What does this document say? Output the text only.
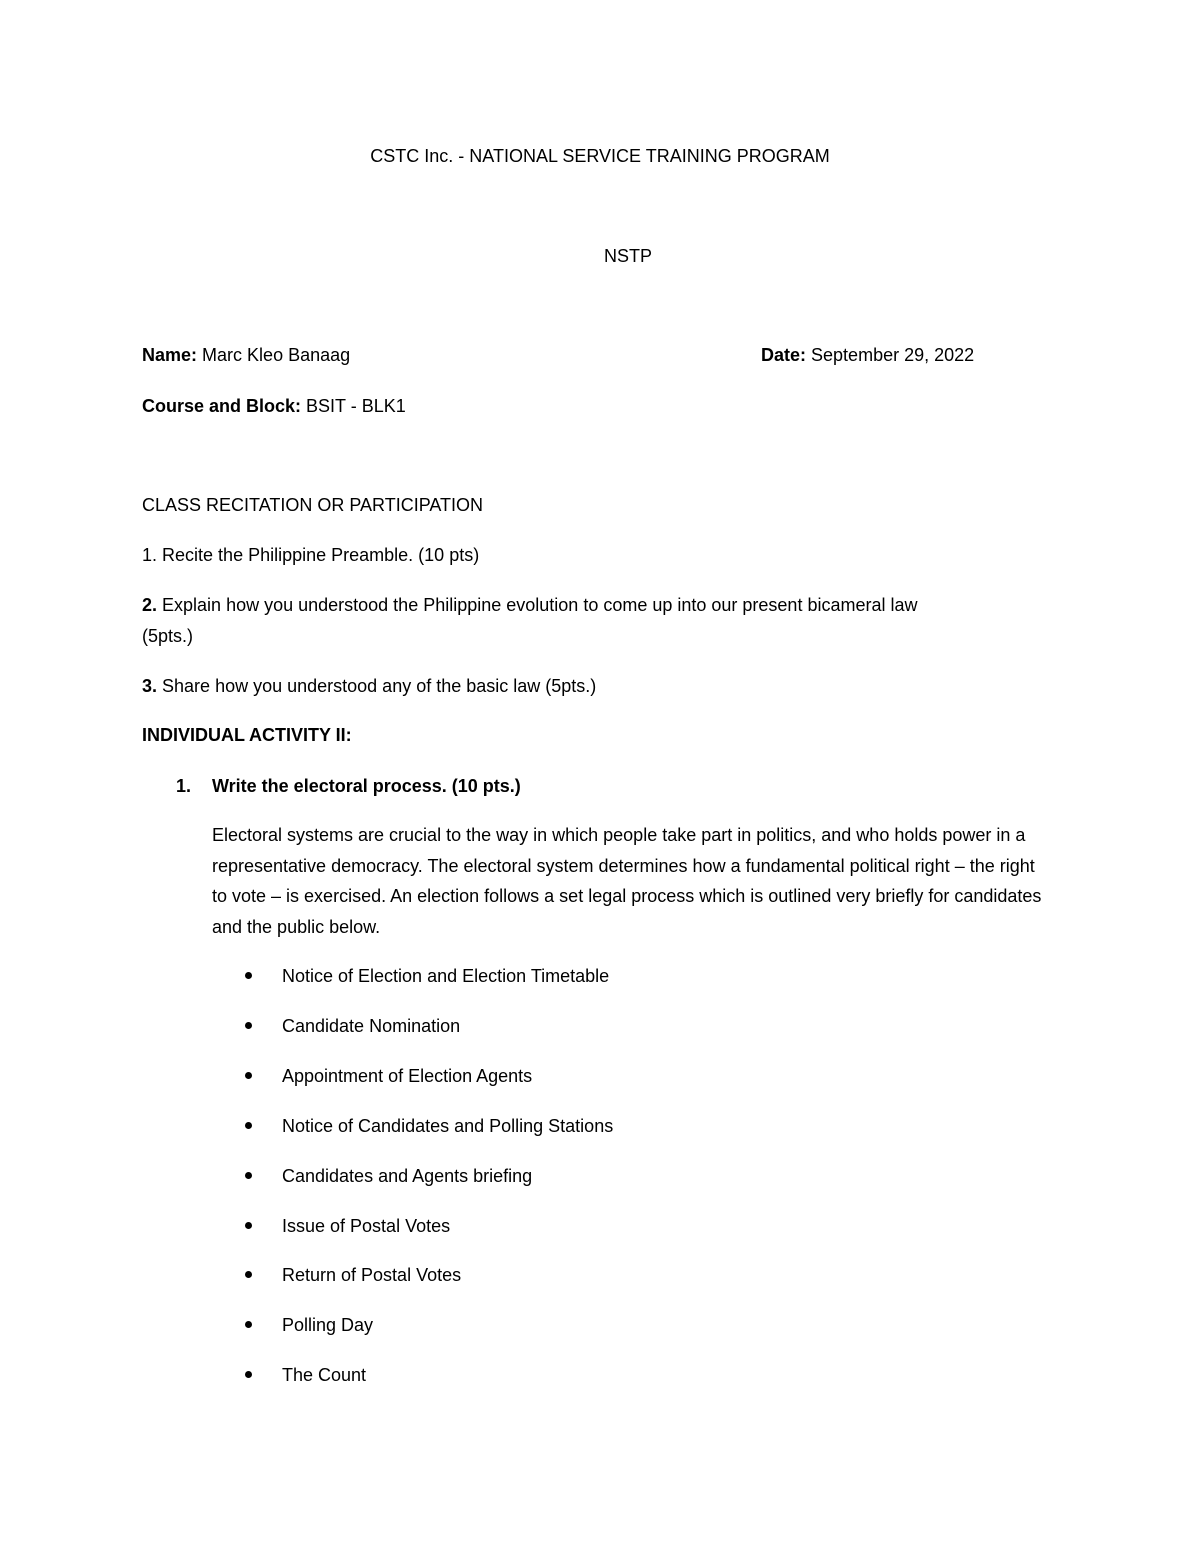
CSTC Inc. - NATIONAL SERVICE TRAINING PROGRAM
NSTP
Name: Marc Kleo Banaag	Date: September 29, 2022
Course and Block: BSIT - BLK1
CLASS RECITATION OR PARTICIPATION
1. Recite the Philippine Preamble. (10 pts)
2. Explain how you understood the Philippine evolution to come up into our present bicameral law
(5pts.)
3. Share how you understood any of the basic law (5pts.)
INDIVIDUAL ACTIVITY II:
1. Write the electoral process. (10 pts.)
Electoral systems are crucial to the way in which people take part in politics, and who holds power in a representative democracy. The electoral system determines how a fundamental political right – the right to vote – is exercised. An election follows a set legal process which is outlined very briefly for candidates and the public below.
Notice of Election and Election Timetable
Candidate Nomination
Appointment of Election Agents
Notice of Candidates and Polling Stations
Candidates and Agents briefing
Issue of Postal Votes
Return of Postal Votes
Polling Day
The Count
